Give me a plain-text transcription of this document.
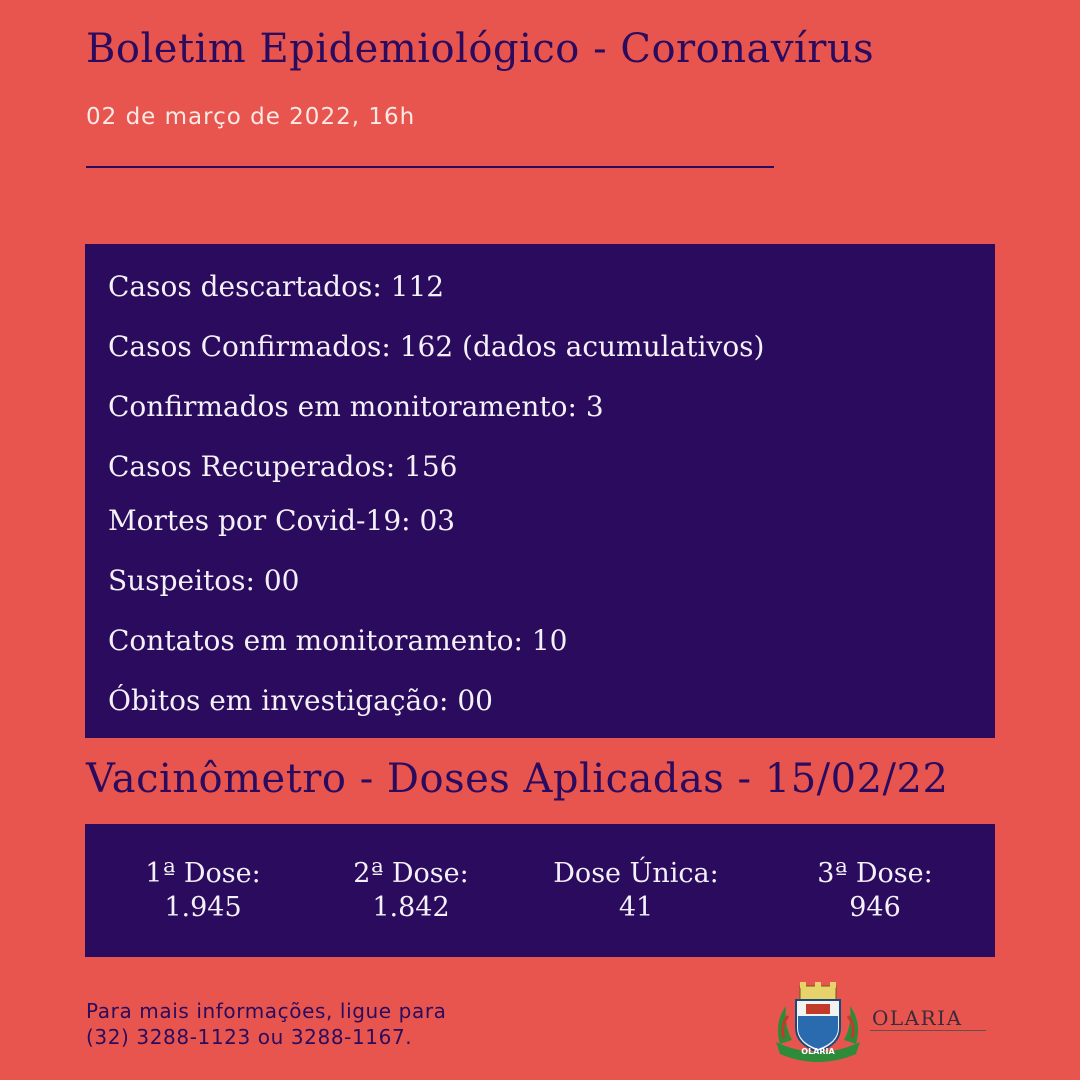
Boletim Epidemiológico - Coronavírus
02 de março de 2022, 16h
Casos descartados: 112
Casos Confirmados: 162 (dados acumulativos)
Confirmados em monitoramento: 3
Casos Recuperados: 156
Mortes por Covid-19: 03
Suspeitos: 00
Contatos em monitoramento: 10
Óbitos em investigação: 00
Vacinômetro - Doses Aplicadas - 15/02/22
1ª Dose:
1.945
2ª Dose:
1.842
Dose Única:
41
3ª Dose:
946
Para mais informações, ligue para
(32) 3288-1123 ou 3288-1167.
OLARIA
OLARIA
